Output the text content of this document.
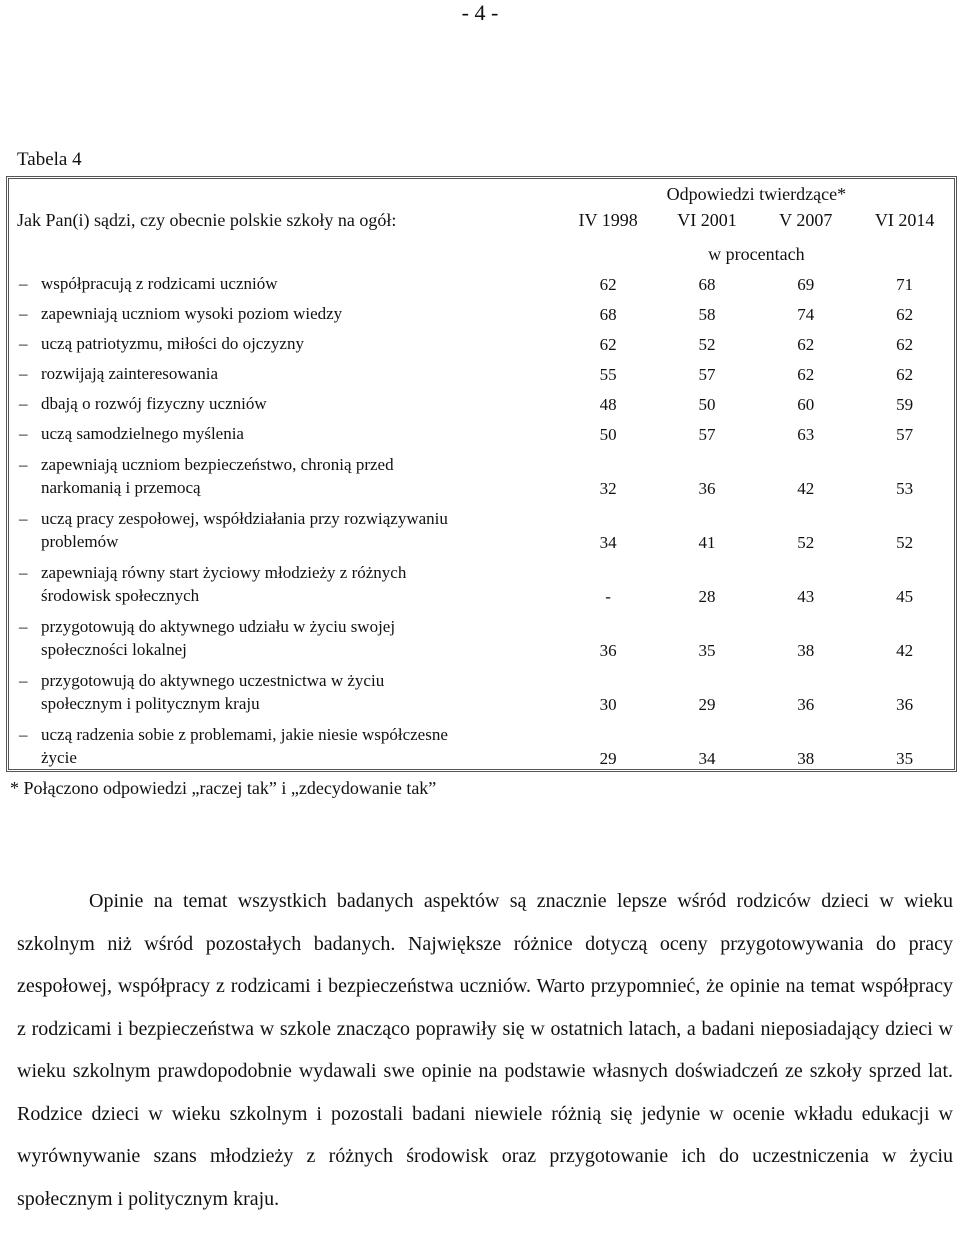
- 4 -
Tabela 4
Jak Pan(i) sądzi, czy obecnie polskie szkoły na ogół:	Odpowiedzi twierdzące*			
	IV 1998	VI 2001	V 2007	VI 2014
	w procentach			
– współpracują z rodzicami uczniów	62	68	69	71
– zapewniają uczniom wysoki poziom wiedzy	68	58	74	62
– uczą patriotyzmu, miłości do ojczyzny	62	52	62	62
– rozwijają zainteresowania	55	57	62	62
– dbają o rozwój fizyczny uczniów	48	50	60	59
– uczą samodzielnego myślenia	50	57	63	57
– zapewniają uczniom bezpieczeństwo, chronią przed
narkomanią i przemocą	32	36	42	53
– uczą pracy zespołowej, współdziałania przy rozwiązywaniu
problemów	34	41	52	52
– zapewniają równy start życiowy młodzieży z różnych
środowisk społecznych	-	28	43	45
– przygotowują do aktywnego udziału w życiu swojej
społeczności lokalnej	36	35	38	42
– przygotowują do aktywnego uczestnictwa w życiu
społecznym i politycznym kraju	30	29	36	36
– uczą radzenia sobie z problemami, jakie niesie współczesne
życie	29	34	38	35
* Połączono odpowiedzi „raczej tak” i „zdecydowanie tak”
Opinie na temat wszystkich badanych aspektów są znacznie lepsze wśród rodziców dzieci w wieku szkolnym niż wśród pozostałych badanych. Największe różnice dotyczą oceny przygotowywania do pracy zespołowej, współpracy z rodzicami i bezpieczeństwa uczniów. Warto przypomnieć, że opinie na temat współpracy z rodzicami i bezpieczeństwa w szkole znacząco poprawiły się w ostatnich latach, a badani nieposiadający dzieci w wieku szkolnym prawdopodobnie wydawali swe opinie na podstawie własnych doświadczeń ze szkoły sprzed lat. Rodzice dzieci w wieku szkolnym i pozostali badani niewiele różnią się jedynie w ocenie wkładu edukacji w wyrównywanie szans młodzieży z różnych środowisk oraz przygotowanie ich do uczestniczenia w życiu społecznym i politycznym kraju.
